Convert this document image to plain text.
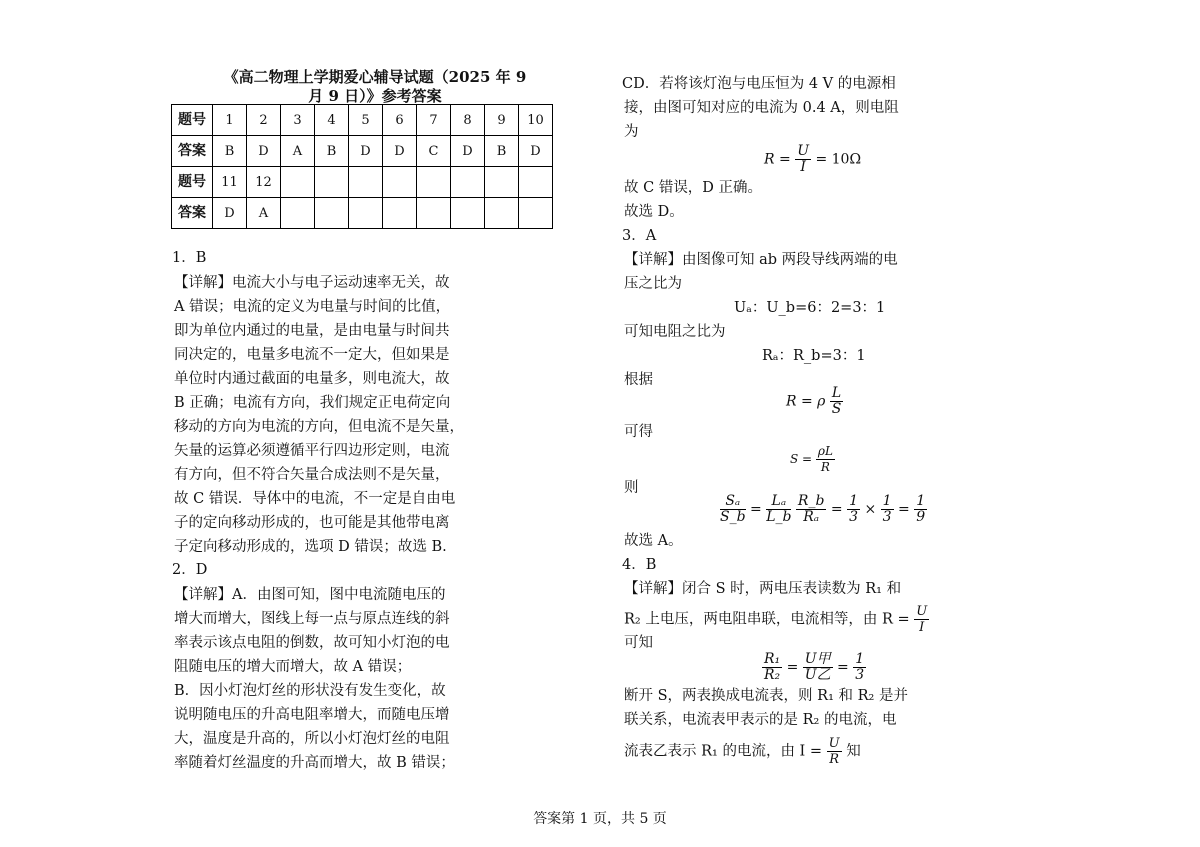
《高二物理上学期爱心辅导试题（2025 年 9
月 9 日）》参考答案
题号	1	2	3	4	5	6	7	8	9	10
答案	B	D	A	B	D	D	C	D	B	D
题号	11	12								
答案	D	A								
1．B
【详解】电流大小与电子运动速率无关，故
A 错误；电流的定义为电量与时间的比值，
即为单位内通过的电量，是由电量与时间共
同决定的，电量多电流不一定大，但如果是
单位时内通过截面的电量多，则电流大，故
B 正确；电流有方向，我们规定正电荷定向
移动的方向为电流的方向，但电流不是矢量，
矢量的运算必须遵循平行四边形定则，电流
有方向，但不符合矢量合成法则不是矢量，
故 C 错误．导体中的电流，不一定是自由电
子的定向移动形成的，也可能是其他带电离
子定向移动形成的，选项 D 错误；故选 B.
2．D
【详解】A．由图可知，图中电流随电压的
增大而增大，图线上每一点与原点连线的斜
率表示该点电阻的倒数，故可知小灯泡的电
阻随电压的增大而增大，故 A 错误；
B．因小灯泡灯丝的形状没有发生变化，故
说明随电压的升高电阻率增大，而随电压增
大，温度是升高的，所以小灯泡灯丝的电阻
率随着灯丝温度的升高而增大，故 B 错误；
CD．若将该灯泡与电压恒为 4 V 的电源相
接，由图可知对应的电流为 0.4 A，则电阻
为
$R = \frac{U}{I} = 10\Omega$
故 C 错误，D 正确。
故选 D。
3．A
【详解】由图像可知 ab 两段导线两端的电
压之比为
Uₐ：U_b=6：2=3：1
可知电阻之比为
Rₐ：R_b=3：1
根据
R = ρ $\frac{L}{S}$
可得
$S = \frac{\rho L}{R}$
则
$\frac{\text{Sₐ}}{S\_b} = \frac{\text{Lₐ}}{L\_b}$
$\frac{R\_b}{\text{Rₐ}} = \frac{1}{3} \times \frac{1}{3} = \frac{1}{9}$
故选 A。
4．B
【详解】闭合 S 时，两电压表读数为 R₁ 和
R₂ 上电压，两电阻串联，电流相等，由 $R = \frac{U}{I}$
可知
$\frac{\text{R₁}}{\text{R₂}} = \frac{\text{U甲}}{\text{U乙}} = \frac{1}{3}$
断开 S，两表换成电流表，则 R₁ 和 R₂ 是并
联关系，电流表甲表示的是 R₂ 的电流，电
流表乙表示 R₁ 的电流，由 $I = \frac{U}{R}$ 知
答案第 1 页，共 5 页
